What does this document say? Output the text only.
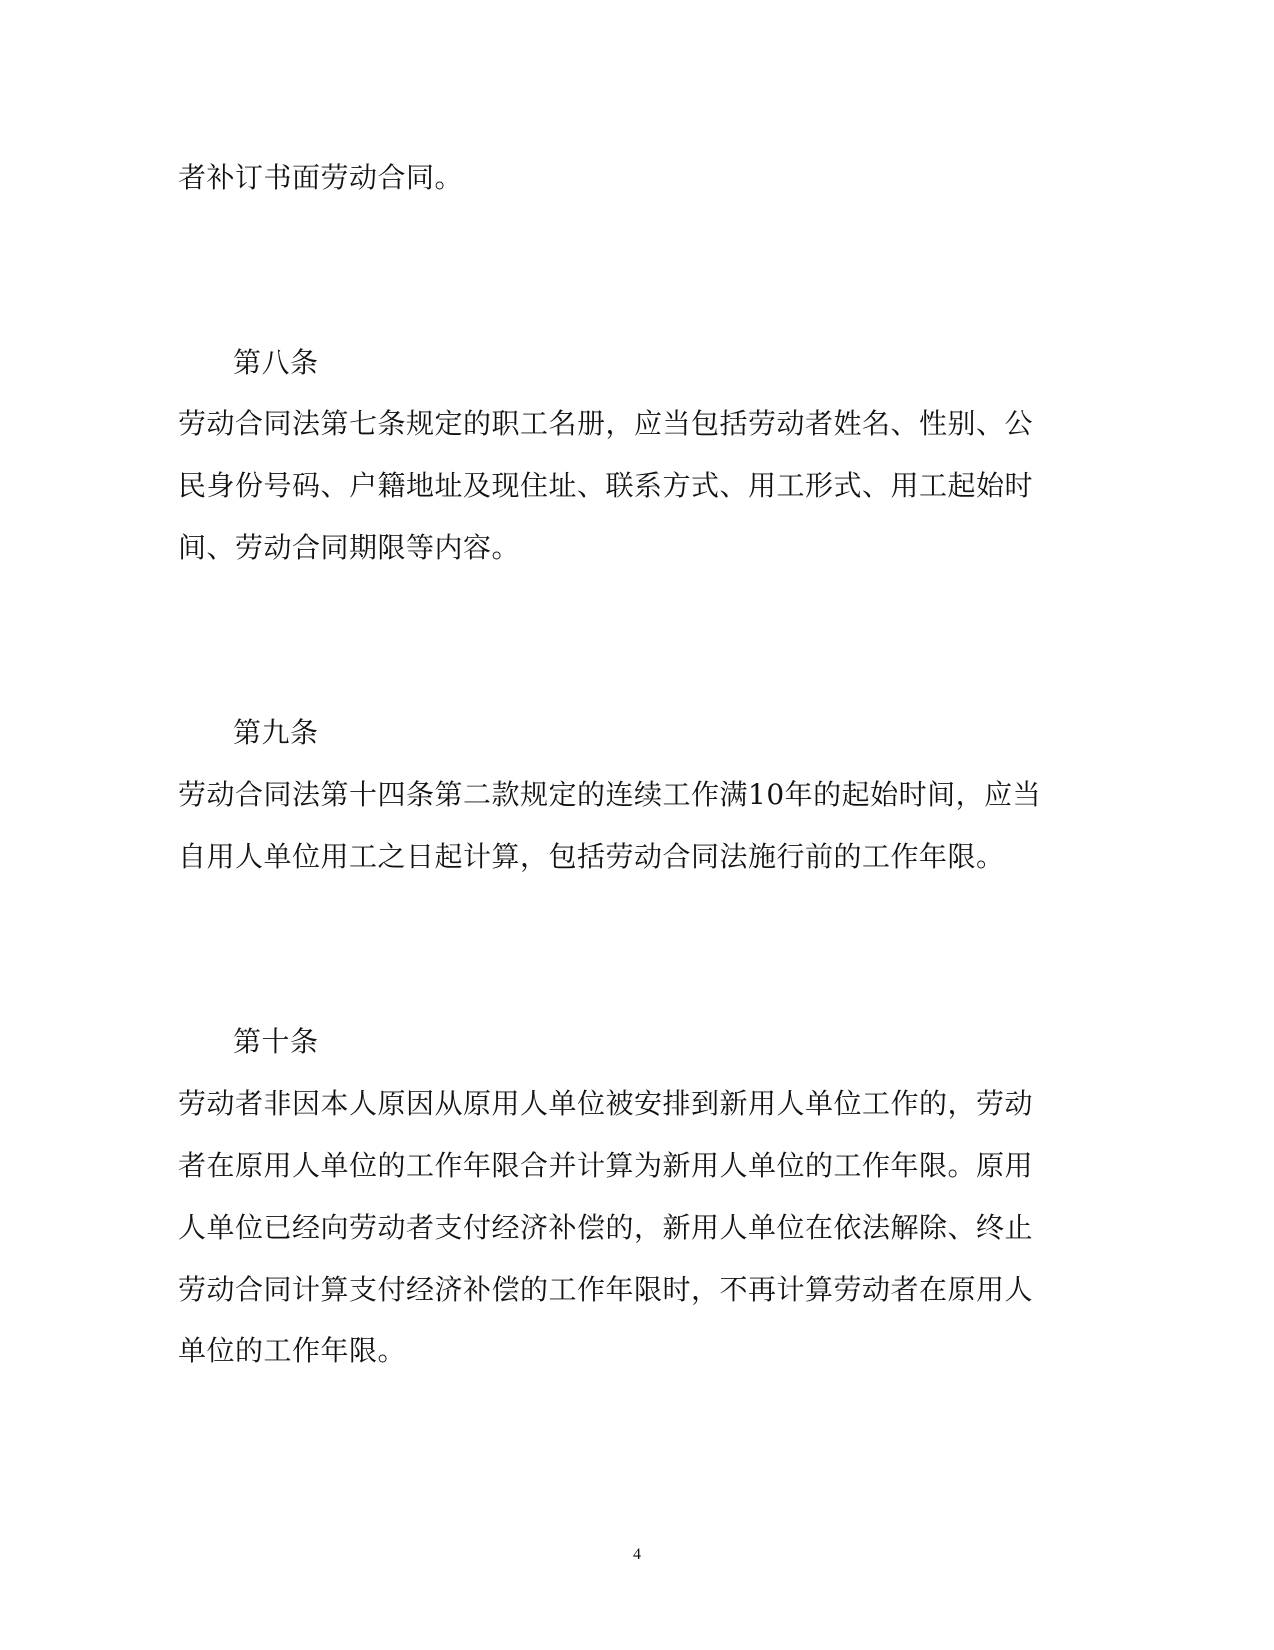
者补订书面劳动合同。
第八条
劳动合同法第七条规定的职工名册，应当包括劳动者姓名、性别、公
民身份号码、户籍地址及现住址、联系方式、用工形式、用工起始时
间、劳动合同期限等内容。
第九条
劳动合同法第十四条第二款规定的连续工作满10年的起始时间，应当
自用人单位用工之日起计算，包括劳动合同法施行前的工作年限。
第十条
劳动者非因本人原因从原用人单位被安排到新用人单位工作的，劳动
者在原用人单位的工作年限合并计算为新用人单位的工作年限。原用
人单位已经向劳动者支付经济补偿的，新用人单位在依法解除、终止
劳动合同计算支付经济补偿的工作年限时，不再计算劳动者在原用人
单位的工作年限。
4
